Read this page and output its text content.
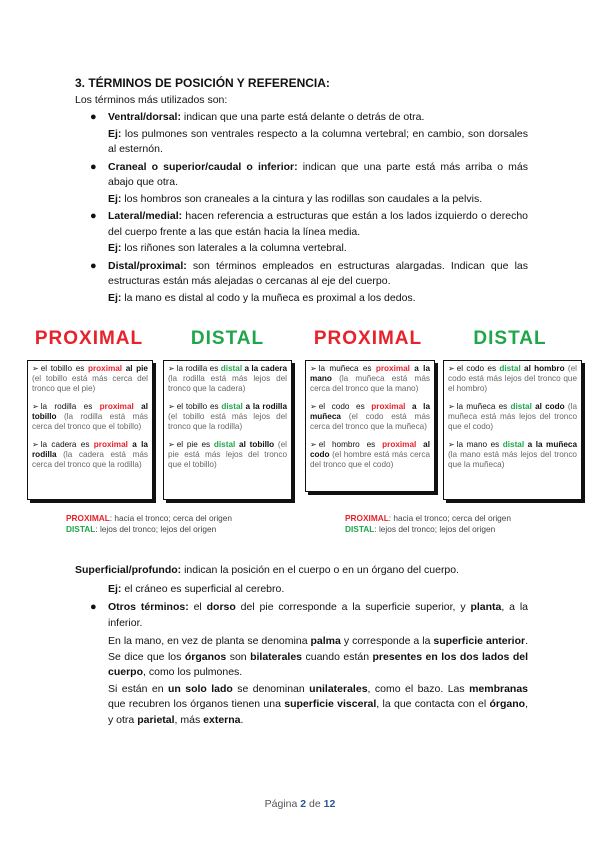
3. TÉRMINOS DE POSICIÓN Y REFERENCIA:
Los términos más utilizados son:
● Ventral/dorsal: indican que una parte está delante o detrás de otra.
Ej: los pulmones son ventrales respecto a la columna vertebral; en cambio, son dorsales al esternón.
● Craneal o superior/caudal o inferior: indican que una parte está más arriba o más abajo que otra.
Ej: los hombros son craneales a la cintura y las rodillas son caudales a la pelvis.
● Lateral/medial: hacen referencia a estructuras que están a los lados izquierdo o derecho del cuerpo frente a las que están hacia la línea media.
Ej: los riñones son laterales a la columna vertebral.
● Distal/proximal: son términos empleados en estructuras alargadas. Indican que las estructuras están más alejadas o cercanas al eje del cuerpo.
Ej: la mano es distal al codo y la muñeca es proximal a los dedos.
PROXIMAL	DISTAL	PROXIMAL	DISTAL
➢ el tobillo es proximal al pie (el tobillo está más cerca del tronco que el pie)
➢ la rodilla es proximal al tobillo (la rodilla está más cerca del tronco que el tobillo)
➢ la cadera es proximal a la rodilla (la cadera está más cerca del tronco que la rodilla)
➢ la rodilla es distal a la cadera (la rodilla está más lejos del tronco que la cadera)
➢ el tobillo es distal a la rodilla (el tobillo está más lejos del tronco que la rodilla)
➢ el pie es distal al tobillo (el pie está más lejos del tronco que el tobillo)
➢ la muñeca es proximal a la mano (la muñeca está más cerca del tronco que la mano)
➢ el codo es proximal a la muñeca (el codo está más cerca del tronco que la muñeca)
➢ el hombro es proximal al codo (el hombre está más cerca del tronco que el codo)
➢ el codo es distal al hombro (el codo está más lejos del tronco que el hombro)
➢ la muñeca es distal al codo (la muñeca está más lejos del tronco que el codo)
➢ la mano es distal a la muñeca (la mano está más lejos del tronco que la muñeca)
PROXIMAL: hacia el tronco; cerca del origen
DISTAL: lejos del tronco; lejos del origen
PROXIMAL: hacia el tronco; cerca del origen
DISTAL: lejos del tronco; lejos del origen

Superficial/profundo: indican la posición en el cuerpo o en un órgano del cuerpo.

Ej: el cráneo es superficial al cerebro.

● Otros términos: el dorso del pie corresponde a la superficie superior, y planta, a la inferior.

En la mano, en vez de planta se denomina palma y corresponde a la superficie anterior. Se dice que los órganos son bilaterales cuando están presentes en los dos lados del cuerpo, como los pulmones.

Si están en un solo lado se denominan unilaterales, como el bazo. Las membranas que recubren los órganos tienen una superficie visceral, la que contacta con el órgano, y otra parietal, más externa.

Página 2 de 12
